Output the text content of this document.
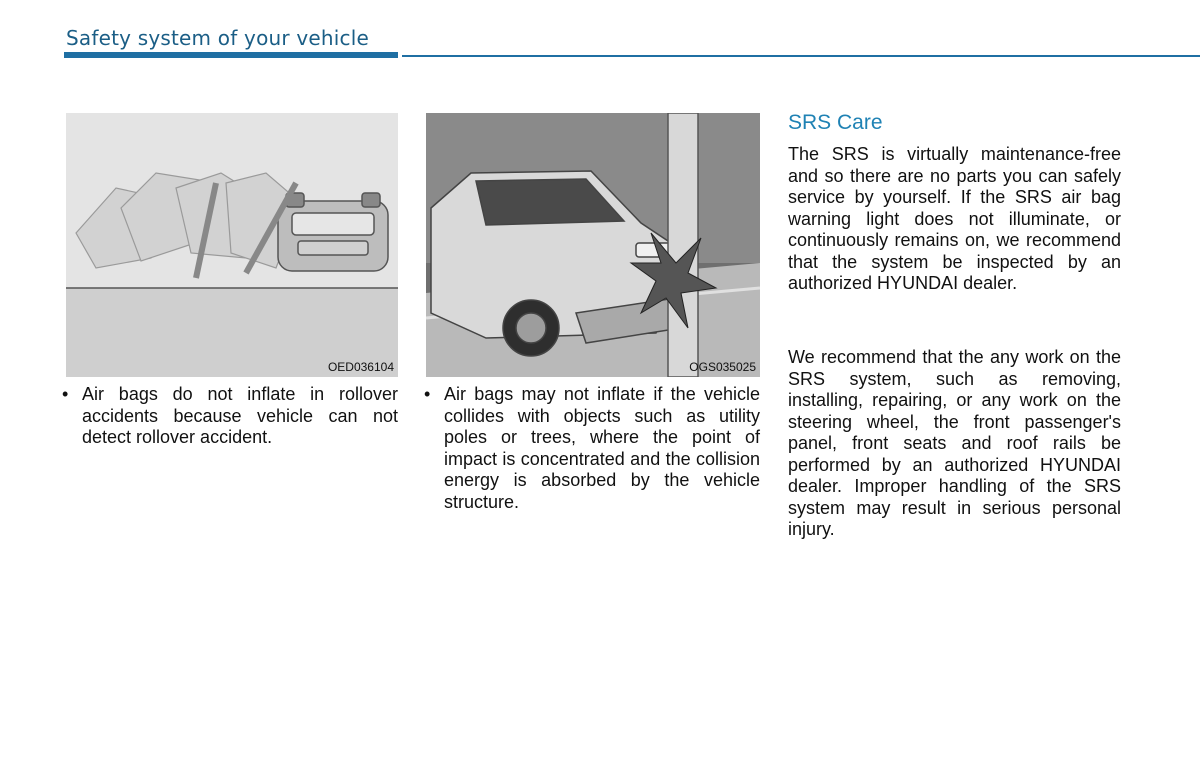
Safety system of your vehicle
OED036104	OGS035025
• Air bags do not inflate in rollover accidents because vehicle can not detect rollover accident.
• Air bags may not inflate if the vehicle collides with objects such as utility poles or trees, where the point of impact is concentrated and the collision energy is absorbed by the vehicle structure.
SRS Care
The SRS is virtually maintenance-free and so there are no parts you can safely service by yourself. If the SRS air bag warning light does not illuminate, or continuously remains on, we recommend that the system be inspected by an authorized HYUNDAI dealer.
We recommend that the any work on the SRS system, such as removing, installing, repairing, or any work on the steering wheel, the front passenger's panel, front seats and roof rails be performed by an authorized HYUNDAI dealer. Improper handling of the SRS system may result in serious personal injury.
